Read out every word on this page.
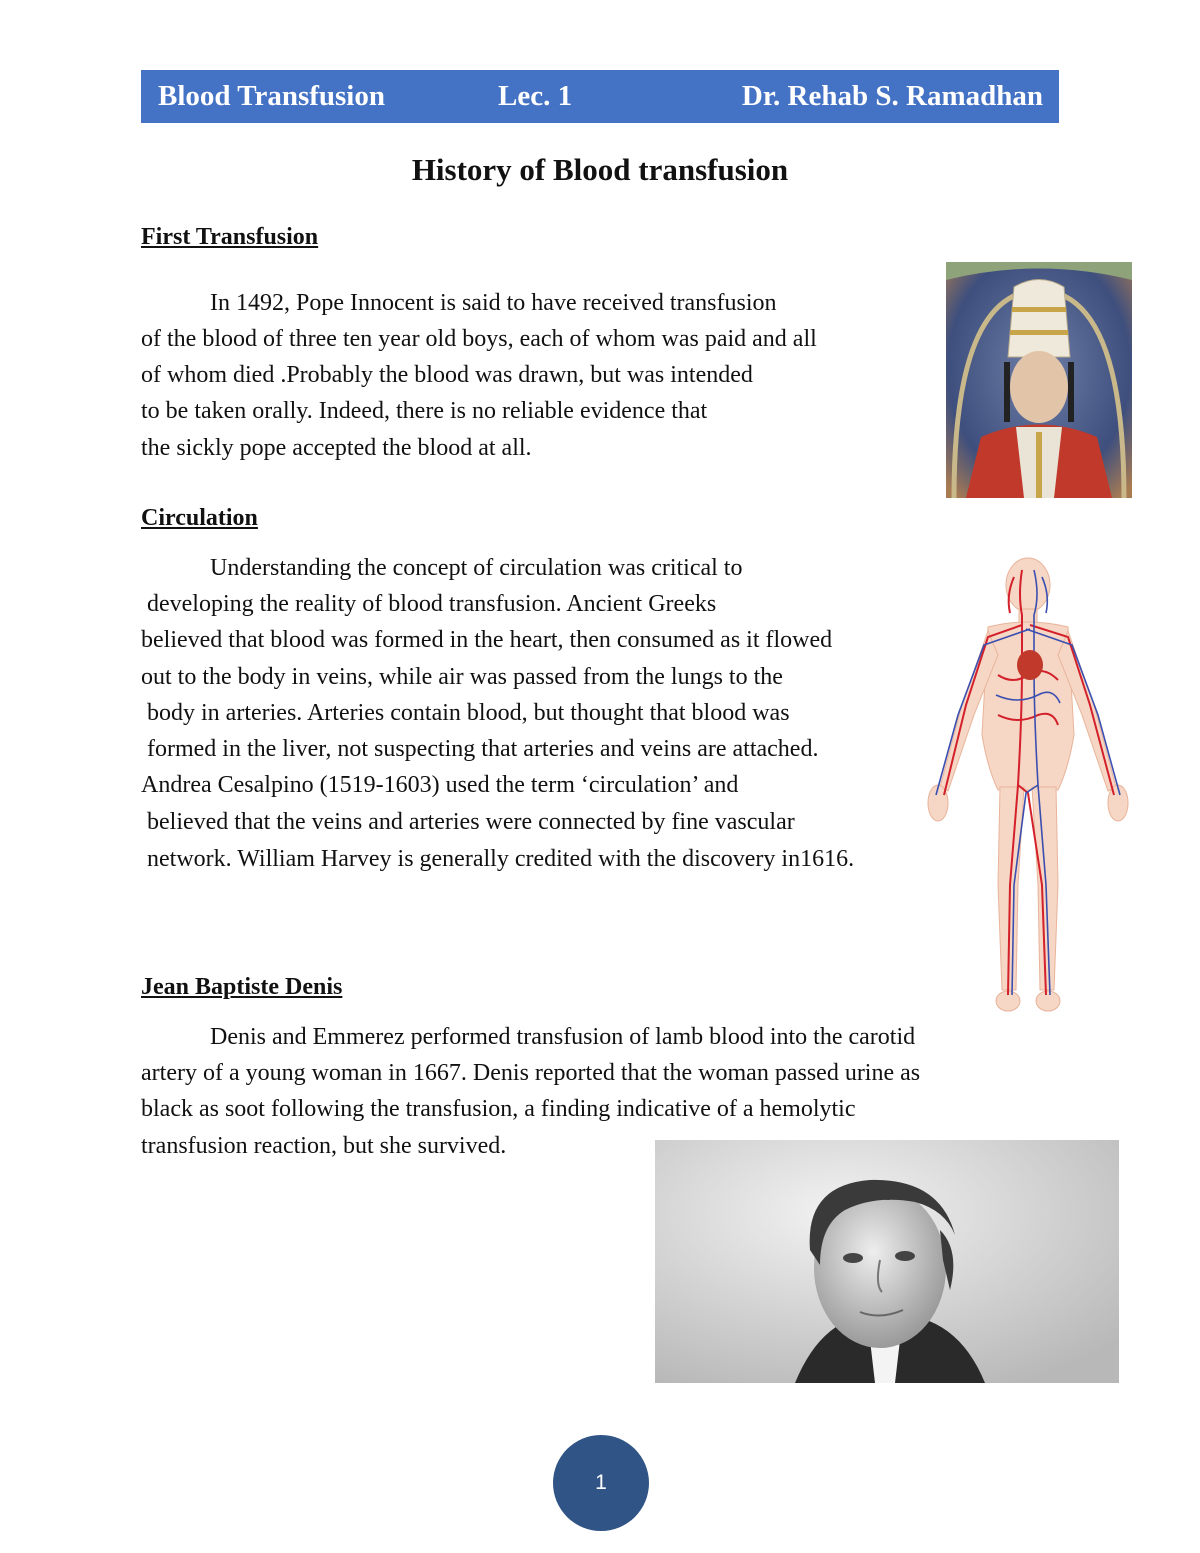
Blood Transfusion	Lec. 1	Dr. Rehab S. Ramadhan
History of Blood transfusion
First Transfusion
In 1492, Pope Innocent is said to have received transfusion
of the blood of three ten year old boys, each of whom was paid and all
of whom died .Probably the blood was drawn, but was intended
to be taken orally. Indeed, there is no reliable evidence that
the sickly pope accepted the blood at all.
Circulation
Understanding the concept of circulation was critical to
developing the reality of blood transfusion. Ancient Greeks
believed that blood was formed in the heart, then consumed as it flowed
out to the body in veins, while air was passed from the lungs to the
body in arteries. Arteries contain blood, but thought that blood was
formed in the liver, not suspecting that arteries and veins are attached.
Andrea Cesalpino (1519-1603) used the term ‘circulation’ and
believed that the veins and arteries were connected by fine vascular
network. William Harvey is generally credited with the discovery in1616.
Jean Baptiste Denis
Denis and Emmerez performed transfusion of lamb blood into the carotid
artery of a young woman in 1667. Denis reported that the woman passed urine as
black as soot following the transfusion, a finding indicative of a hemolytic
transfusion reaction, but she survived.
1
